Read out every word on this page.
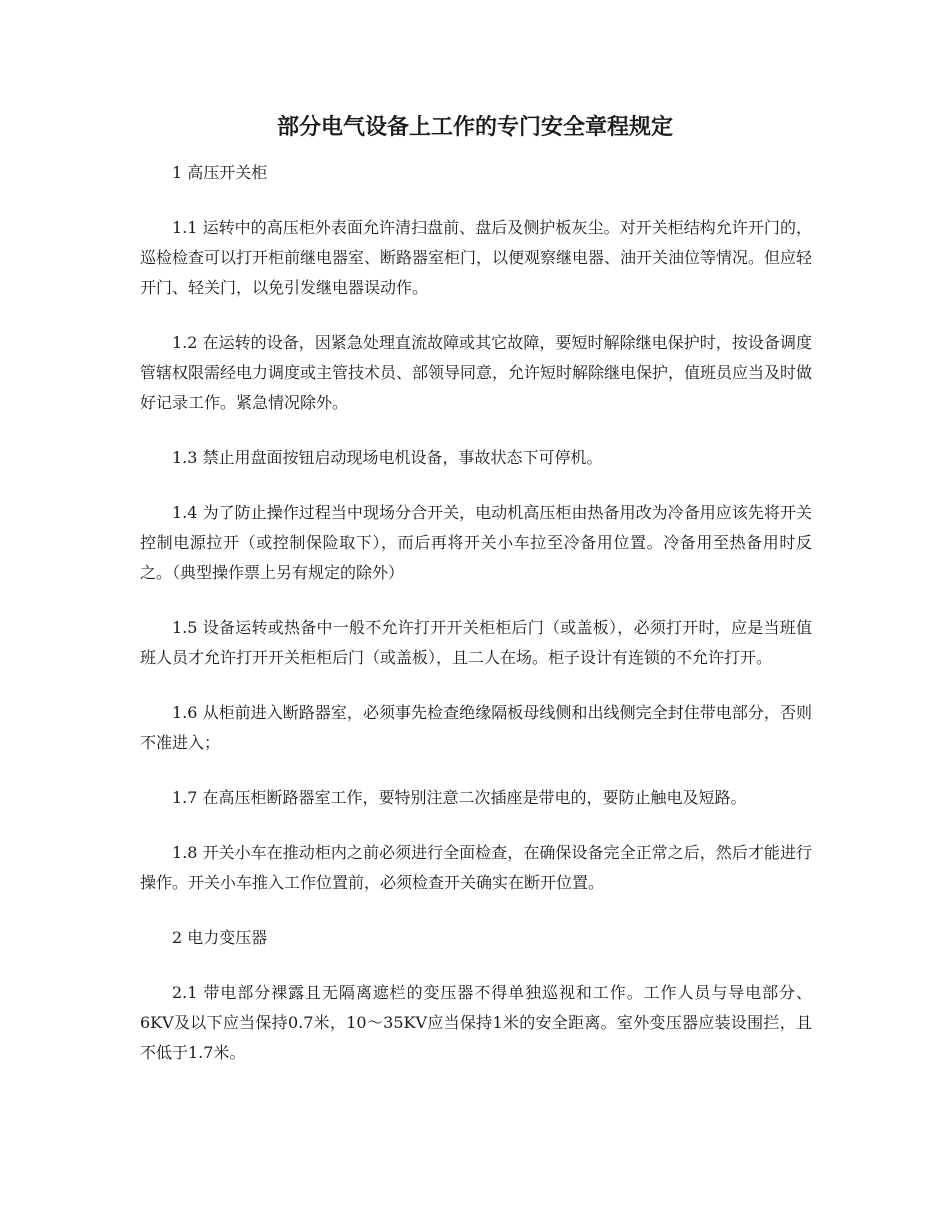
部分电气设备上工作的专门安全章程规定

1 高压开关柜

1.1 运转中的高压柜外表面允许清扫盘前、盘后及侧护板灰尘。对开关柜结构允许开门的，巡检检查可以打开柜前继电器室、断路器室柜门，以便观察继电器、油开关油位等情况。但应轻开门、轻关门，以免引发继电器误动作。

1.2 在运转的设备，因紧急处理直流故障或其它故障，要短时解除继电保护时，按设备调度管辖权限需经电力调度或主管技术员、部领导同意，允许短时解除继电保护，值班员应当及时做好记录工作。紧急情况除外。

1.3 禁止用盘面按钮启动现场电机设备，事故状态下可停机。

1.4 为了防止操作过程当中现场分合开关，电动机高压柜由热备用改为冷备用应该先将开关控制电源拉开（或控制保险取下），而后再将开关小车拉至冷备用位置。冷备用至热备用时反之。（典型操作票上另有规定的除外）

1.5 设备运转或热备中一般不允许打开开关柜柜后门（或盖板），必须打开时，应是当班值班人员才允许打开开关柜柜后门（或盖板），且二人在场。柜子设计有连锁的不允许打开。

1.6 从柜前进入断路器室，必须事先检查绝缘隔板母线侧和出线侧完全封住带电部分，否则不准进入；

1.7 在高压柜断路器室工作，要特别注意二次插座是带电的，要防止触电及短路。

1.8 开关小车在推动柜内之前必须进行全面检查，在确保设备完全正常之后，然后才能进行操作。开关小车推入工作位置前，必须检查开关确实在断开位置。

2 电力变压器

2.1 带电部分裸露且无隔离遮栏的变压器不得单独巡视和工作。工作人员与导电部分、6KV及以下应当保持0.7米，10～35KV应当保持1米的安全距离。室外变压器应装设围拦，且不低于1.7米。
